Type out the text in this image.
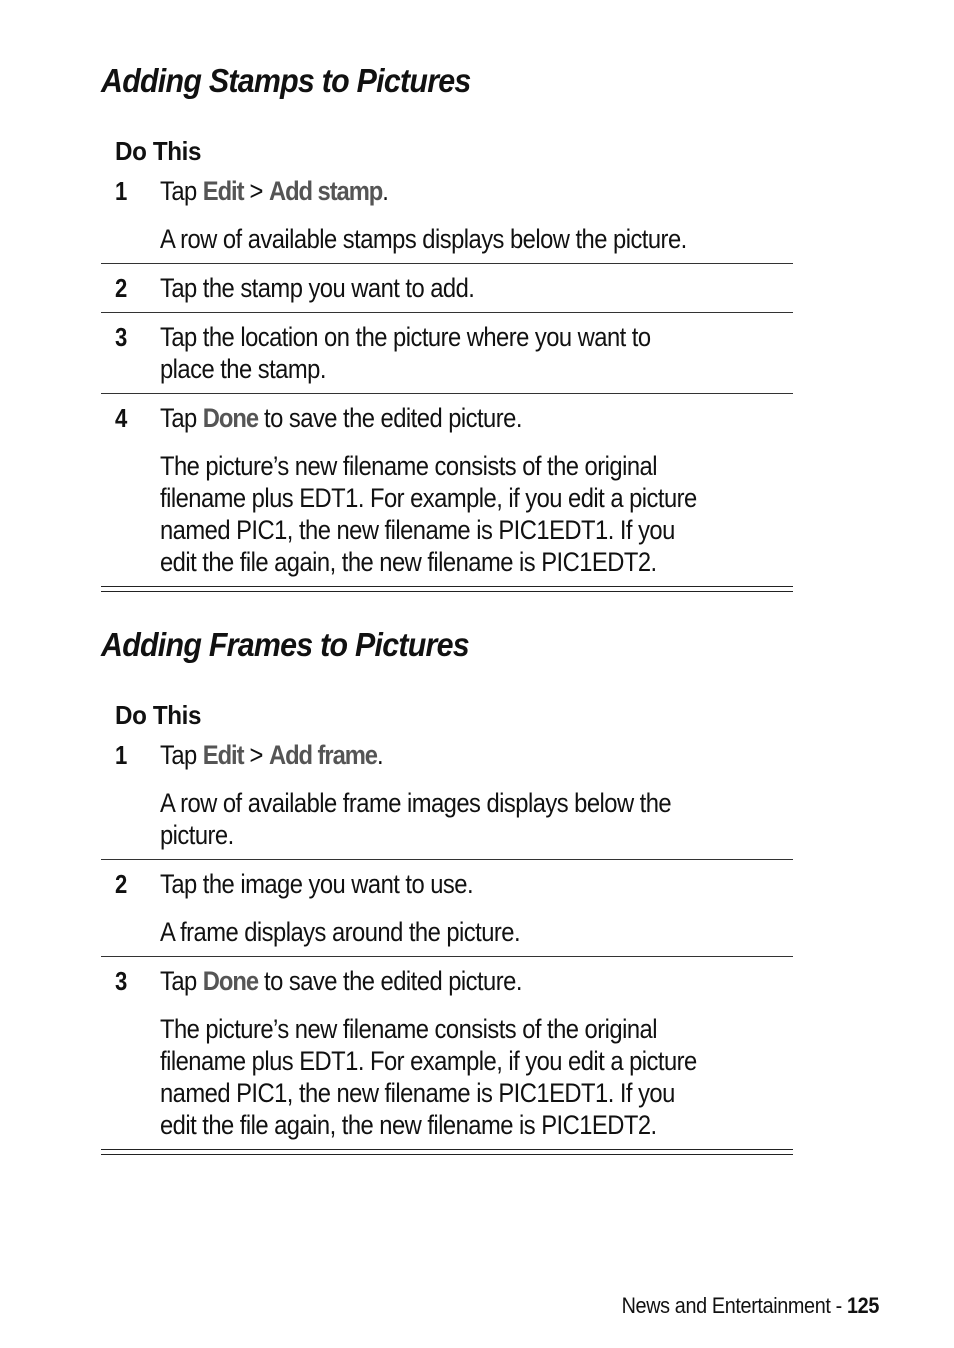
Adding Stamps to Pictures
Do This
1 Tap Edit > Add stamp.
A row of available stamps displays below the picture.
2 Tap the stamp you want to add.
3 Tap the location on the picture where you want to
place the stamp.
4 Tap Done to save the edited picture.
The picture’s new filename consists of the original
filename plus EDT1. For example, if you edit a picture
named PIC1, the new filename is PIC1EDT1. If you
edit the file again, the new filename is PIC1EDT2.
Adding Frames to Pictures
Do This
1 Tap Edit > Add frame.
A row of available frame images displays below the
picture.
2 Tap the image you want to use.
A frame displays around the picture.
3 Tap Done to save the edited picture.
The picture’s new filename consists of the original
filename plus EDT1. For example, if you edit a picture
named PIC1, the new filename is PIC1EDT1. If you
edit the file again, the new filename is PIC1EDT2.
News and Entertainment - 125
